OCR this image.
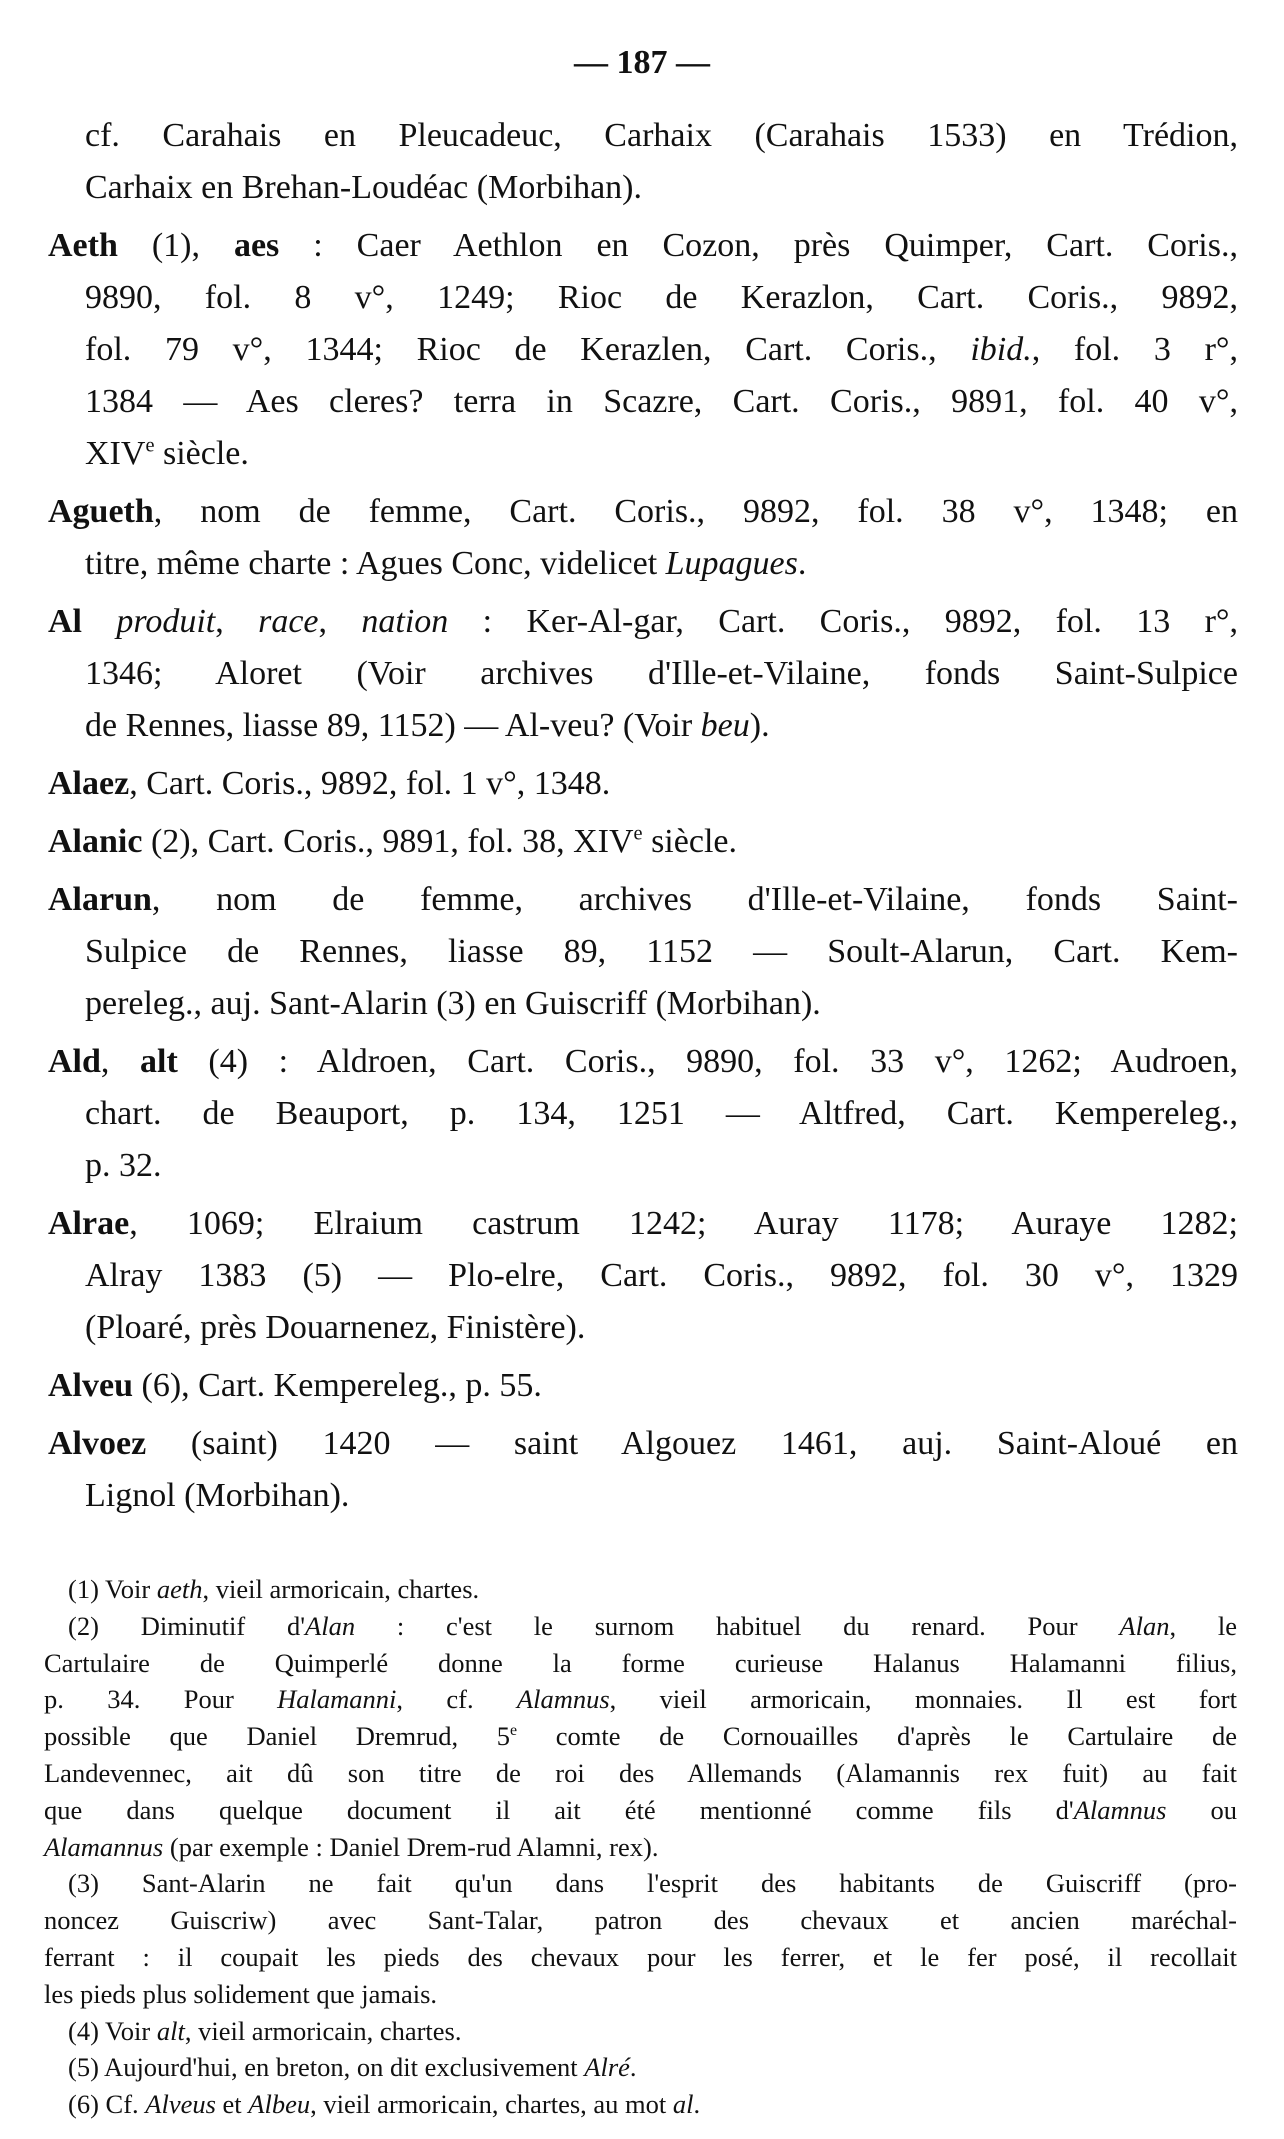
— 187 —
cf. Carahais en Pleucadeuc, Carhaix (Carahais 1533) en Trédion,
Carhaix en Brehan-Loudéac (Morbihan).
Aeth (1), aes : Caer Aethlon en Cozon, près Quimper, Cart. Coris.,
9890, fol. 8 v°, 1249; Rioc de Kerazlon, Cart. Coris., 9892,
fol. 79 v°, 1344; Rioc de Kerazlen, Cart. Coris., ibid., fol. 3 r°,
1384 — Aes cleres? terra in Scazre, Cart. Coris., 9891, fol. 40 v°,
XIVe siècle.
Agueth, nom de femme, Cart. Coris., 9892, fol. 38 v°, 1348; en
titre, même charte : Agues Conc, videlicet Lupagues.
Al produit, race, nation : Ker-Al-gar, Cart. Coris., 9892, fol. 13 r°,
1346; Aloret (Voir archives d'Ille-et-Vilaine, fonds Saint-Sulpice
de Rennes, liasse 89, 1152) — Al-veu? (Voir beu).
Alaez, Cart. Coris., 9892, fol. 1 v°, 1348.
Alanic (2), Cart. Coris., 9891, fol. 38, XIVe siècle.
Alarun, nom de femme, archives d'Ille-et-Vilaine, fonds Saint-
Sulpice de Rennes, liasse 89, 1152 — Soult-Alarun, Cart. Kem-
pereleg., auj. Sant-Alarin (3) en Guiscriff (Morbihan).
Ald, alt (4) : Aldroen, Cart. Coris., 9890, fol. 33 v°, 1262; Audroen,
chart. de Beauport, p. 134, 1251 — Altfred, Cart. Kempereleg.,
p. 32.
Alrae, 1069; Elraium castrum 1242; Auray 1178; Auraye 1282;
Alray 1383 (5) — Plo-elre, Cart. Coris., 9892, fol. 30 v°, 1329
(Ploaré, près Douarnenez, Finistère).
Alveu (6), Cart. Kempereleg., p. 55.
Alvoez (saint) 1420 — saint Algouez 1461, auj. Saint-Aloué en
Lignol (Morbihan).
(1) Voir aeth, vieil armoricain, chartes.
(2) Diminutif d'Alan : c'est le surnom habituel du renard. Pour Alan, le
Cartulaire de Quimperlé donne la forme curieuse Halanus Halamanni filius,
p. 34. Pour Halamanni, cf. Alamnus, vieil armoricain, monnaies. Il est fort
possible que Daniel Dremrud, 5e comte de Cornouailles d'après le Cartulaire de
Landevennec, ait dû son titre de roi des Allemands (Alamannis rex fuit) au fait
que dans quelque document il ait été mentionné comme fils d'Alamnus ou
Alamannus (par exemple : Daniel Drem-rud Alamni, rex).
(3) Sant-Alarin ne fait qu'un dans l'esprit des habitants de Guiscriff (pro-
noncez Guiscriw) avec Sant-Talar, patron des chevaux et ancien maréchal-
ferrant : il coupait les pieds des chevaux pour les ferrer, et le fer posé, il recollait
les pieds plus solidement que jamais.
(4) Voir alt, vieil armoricain, chartes.
(5) Aujourd'hui, en breton, on dit exclusivement Alré.
(6) Cf. Alveus et Albeu, vieil armoricain, chartes, au mot al.
